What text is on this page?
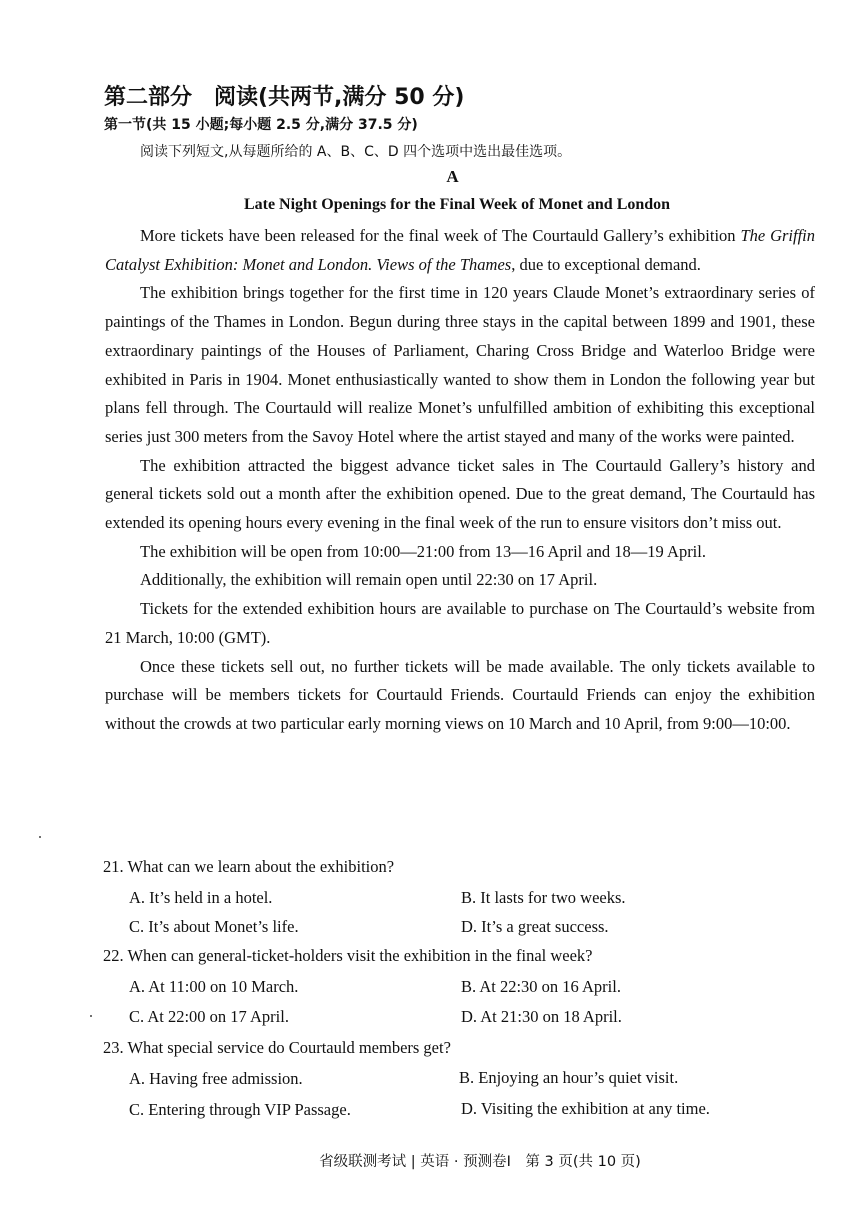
第二部分　阅读(共两节,满分 50 分)
第一节(共 15 小题;每小题 2.5 分,满分 37.5 分)
阅读下列短文,从每题所给的 A、B、C、D 四个选项中选出最佳选项。
A
Late Night Openings for the Final Week of Monet and London

More tickets have been released for the final week of The Courtauld Gallery’s exhibition The Griffin Catalyst Exhibition: Monet and London. Views of the Thames, due to exceptional demand.

The exhibition brings together for the first time in 120 years Claude Monet’s extraordinary series of paintings of the Thames in London. Begun during three stays in the capital between 1899 and 1901, these extraordinary paintings of the Houses of Parliament, Charing Cross Bridge and Waterloo Bridge were exhibited in Paris in 1904. Monet enthusiastically wanted to show them in London the following year but plans fell through. The Courtauld will realize Monet’s unfulfilled ambition of exhibiting this exceptional series just 300 meters from the Savoy Hotel where the artist stayed and many of the works were painted.

The exhibition attracted the biggest advance ticket sales in The Courtauld Gallery’s history and general tickets sold out a month after the exhibition opened. Due to the great demand, The Courtauld has extended its opening hours every evening in the final week of the run to ensure visitors don’t miss out.

The exhibition will be open from 10:00—21:00 from 13—16 April and 18—19 April.

Additionally, the exhibition will remain open until 22:30 on 17 April.

Tickets for the extended exhibition hours are available to purchase on The Courtauld’s website from 21 March, 10:00 (GMT).

Once these tickets sell out, no further tickets will be made available. The only tickets available to purchase will be members tickets for Courtauld Friends. Courtauld Friends can enjoy the exhibition without the crowds at two particular early morning views on 10 March and 10 April, from 9:00—10:00.

21. What can we learn about the exhibition?
A. It’s held in a hotel.	B. It lasts for two weeks.
C. It’s about Monet’s life.	D. It’s a great success.
22. When can general-ticket-holders visit the exhibition in the final week?
A. At 11:00 on 10 March.	B. At 22:30 on 16 April.
C. At 22:00 on 17 April.	D. At 21:30 on 18 April.
23. What special service do Courtauld members get?
A. Having free admission.	B. Enjoying an hour’s quiet visit.
C. Entering through VIP Passage.	D. Visiting the exhibition at any time.
省级联测考试 | 英语 · 预测卷Ⅰ　第 3 页(共 10 页)
